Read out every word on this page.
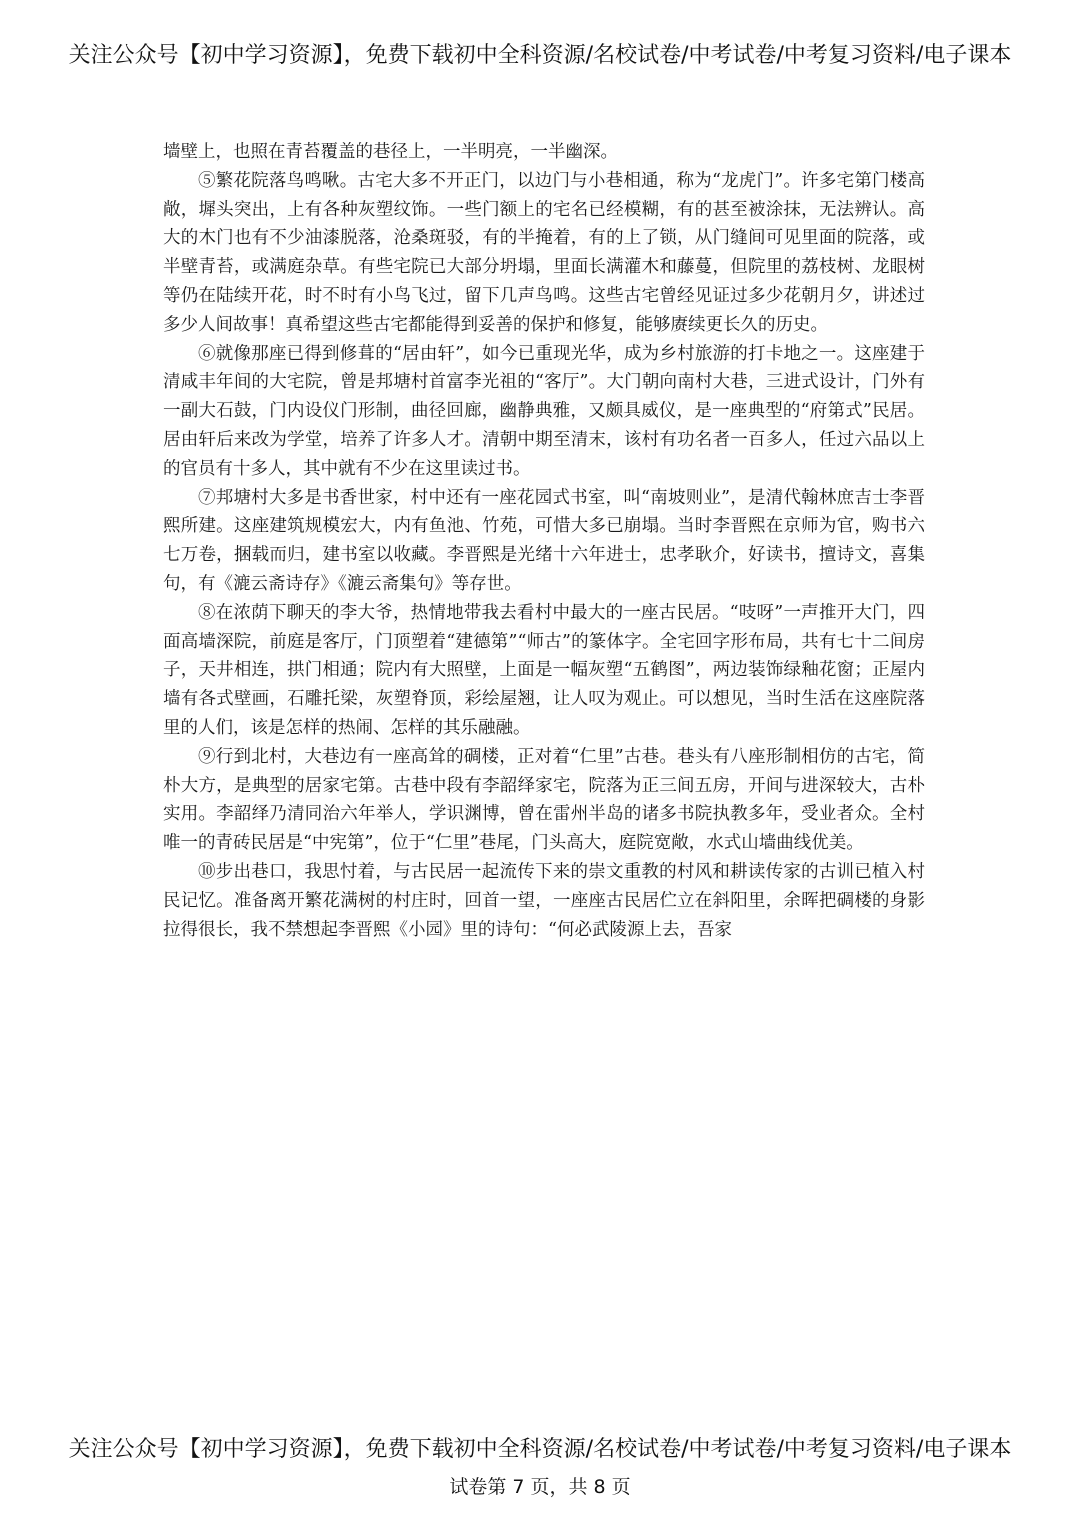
关注公众号【初中学习资源】，免费下载初中全科资源/名校试卷/中考试卷/中考复习资料/电子课本

墙壁上，也照在青苔覆盖的巷径上，一半明亮，一半幽深。

⑤繁花院落鸟鸣啾。古宅大多不开正门，以边门与小巷相通，称为“龙虎门”。许多宅第门楼高敞，墀头突出，上有各种灰塑纹饰。一些门额上的宅名已经模糊，有的甚至被涂抹，无法辨认。高大的木门也有不少油漆脱落，沧桑斑驳，有的半掩着，有的上了锁，从门缝间可见里面的院落，或半壁青苔，或满庭杂草。有些宅院已大部分坍塌，里面长满灌木和藤蔓，但院里的荔枝树、龙眼树等仍在陆续开花，时不时有小鸟飞过，留下几声鸟鸣。这些古宅曾经见证过多少花朝月夕，讲述过多少人间故事！真希望这些古宅都能得到妥善的保护和修复，能够赓续更长久的历史。

⑥就像那座已得到修葺的“居由轩”，如今已重现光华，成为乡村旅游的打卡地之一。这座建于清咸丰年间的大宅院，曾是邦塘村首富李光祖的“客厅”。大门朝向南村大巷，三进式设计，门外有一副大石鼓，门内设仪门形制，曲径回廊，幽静典雅，又颇具威仪，是一座典型的“府第式”民居。居由轩后来改为学堂，培养了许多人才。清朝中期至清末，该村有功名者一百多人，任过六品以上的官员有十多人，其中就有不少在这里读过书。

⑦邦塘村大多是书香世家，村中还有一座花园式书室，叫“南坡则业”，是清代翰林庶吉士李晋熙所建。这座建筑规模宏大，内有鱼池、竹苑，可惜大多已崩塌。当时李晋熙在京师为官，购书六七万卷，捆载而归，建书室以收藏。李晋熙是光绪十六年进士，忠孝耿介，好读书，擅诗文，喜集句，有《漉云斋诗存》《漉云斋集句》等存世。

⑧在浓荫下聊天的李大爷，热情地带我去看村中最大的一座古民居。“吱呀”一声推开大门，四面高墙深院，前庭是客厅，门顶塑着“建德第”“师古”的篆体字。全宅回字形布局，共有七十二间房子，天井相连，拱门相通；院内有大照壁，上面是一幅灰塑“五鹤图”，两边装饰绿釉花窗；正屋内墙有各式壁画，石雕托梁，灰塑脊顶，彩绘屋翘，让人叹为观止。可以想见，当时生活在这座院落里的人们，该是怎样的热闹、怎样的其乐融融。

⑨行到北村，大巷边有一座高耸的碉楼，正对着“仁里”古巷。巷头有八座形制相仿的古宅，简朴大方，是典型的居家宅第。古巷中段有李韶绎家宅，院落为正三间五房，开间与进深较大，古朴实用。李韶绎乃清同治六年举人，学识渊博，曾在雷州半岛的诸多书院执教多年，受业者众。全村唯一的青砖民居是“中宪第”，位于“仁里”巷尾，门头高大，庭院宽敞，水式山墙曲线优美。

⑩步出巷口，我思忖着，与古民居一起流传下来的崇文重教的村风和耕读传家的古训已植入村民记忆。准备离开繁花满树的村庄时，回首一望，一座座古民居伫立在斜阳里，余晖把碉楼的身影拉得很长，我不禁想起李晋熙《小园》里的诗句：“何必武陵源上去，吾家

关注公众号【初中学习资源】，免费下载初中全科资源/名校试卷/中考试卷/中考复习资料/电子课本
试卷第 7 页，共 8 页
